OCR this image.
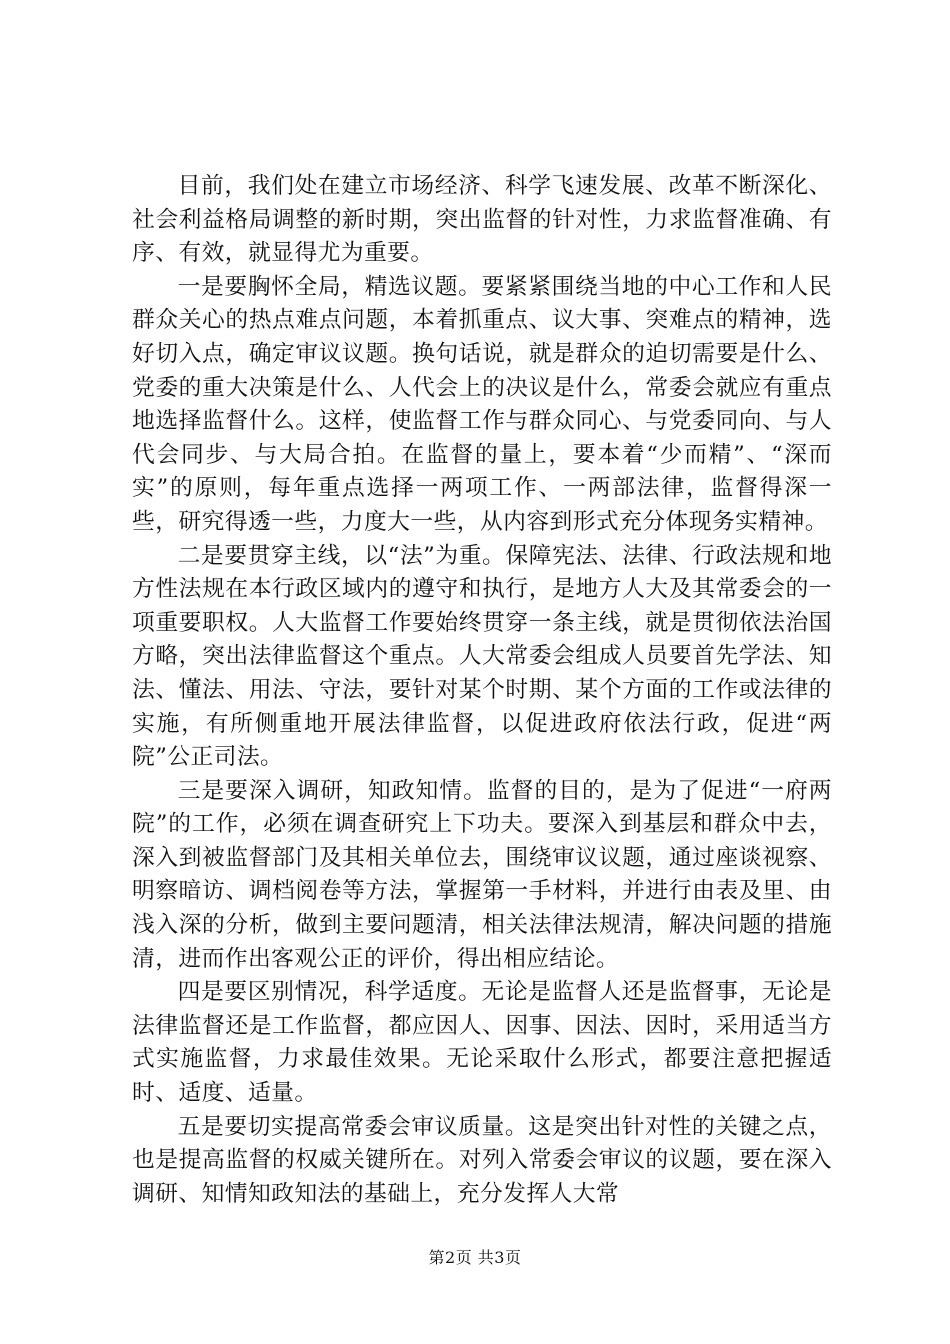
目前，我们处在建立市场经济、科学飞速发展、改革不断深化、社会利益格局调整的新时期，突出监督的针对性，力求监督准确、有序、有效，就显得尤为重要。

一是要胸怀全局，精选议题。要紧紧围绕当地的中心工作和人民群众关心的热点难点问题，本着抓重点、议大事、突难点的精神，选好切入点，确定审议议题。换句话说，就是群众的迫切需要是什么、党委的重大决策是什么、人代会上的决议是什么，常委会就应有重点地选择监督什么。这样，使监督工作与群众同心、与党委同向、与人代会同步、与大局合拍。在监督的量上，要本着“少而精”、“深而实”的原则，每年重点选择一两项工作、一两部法律，监督得深一些，研究得透一些，力度大一些，从内容到形式充分体现务实精神。

二是要贯穿主线，以“法”为重。保障宪法、法律、行政法规和地方性法规在本行政区域内的遵守和执行，是地方人大及其常委会的一项重要职权。人大监督工作要始终贯穿一条主线，就是贯彻依法治国方略，突出法律监督这个重点。人大常委会组成人员要首先学法、知法、懂法、用法、守法，要针对某个时期、某个方面的工作或法律的实施，有所侧重地开展法律监督，以促进政府依法行政，促进“两院”公正司法。

三是要深入调研，知政知情。监督的目的，是为了促进“一府两院”的工作，必须在调查研究上下功夫。要深入到基层和群众中去，深入到被监督部门及其相关单位去，围绕审议议题，通过座谈视察、明察暗访、调档阅卷等方法，掌握第一手材料，并进行由表及里、由浅入深的分析，做到主要问题清，相关法律法规清，解决问题的措施清，进而作出客观公正的评价，得出相应结论。

四是要区别情况，科学适度。无论是监督人还是监督事，无论是法律监督还是工作监督，都应因人、因事、因法、因时，采用适当方式实施监督，力求最佳效果。无论采取什么形式，都要注意把握适时、适度、适量。

五是要切实提高常委会审议质量。这是突出针对性的关键之点，也是提高监督的权威关键所在。对列入常委会审议的议题，要在深入调研、知情知政知法的基础上，充分发挥人大常

第2页 共3页
